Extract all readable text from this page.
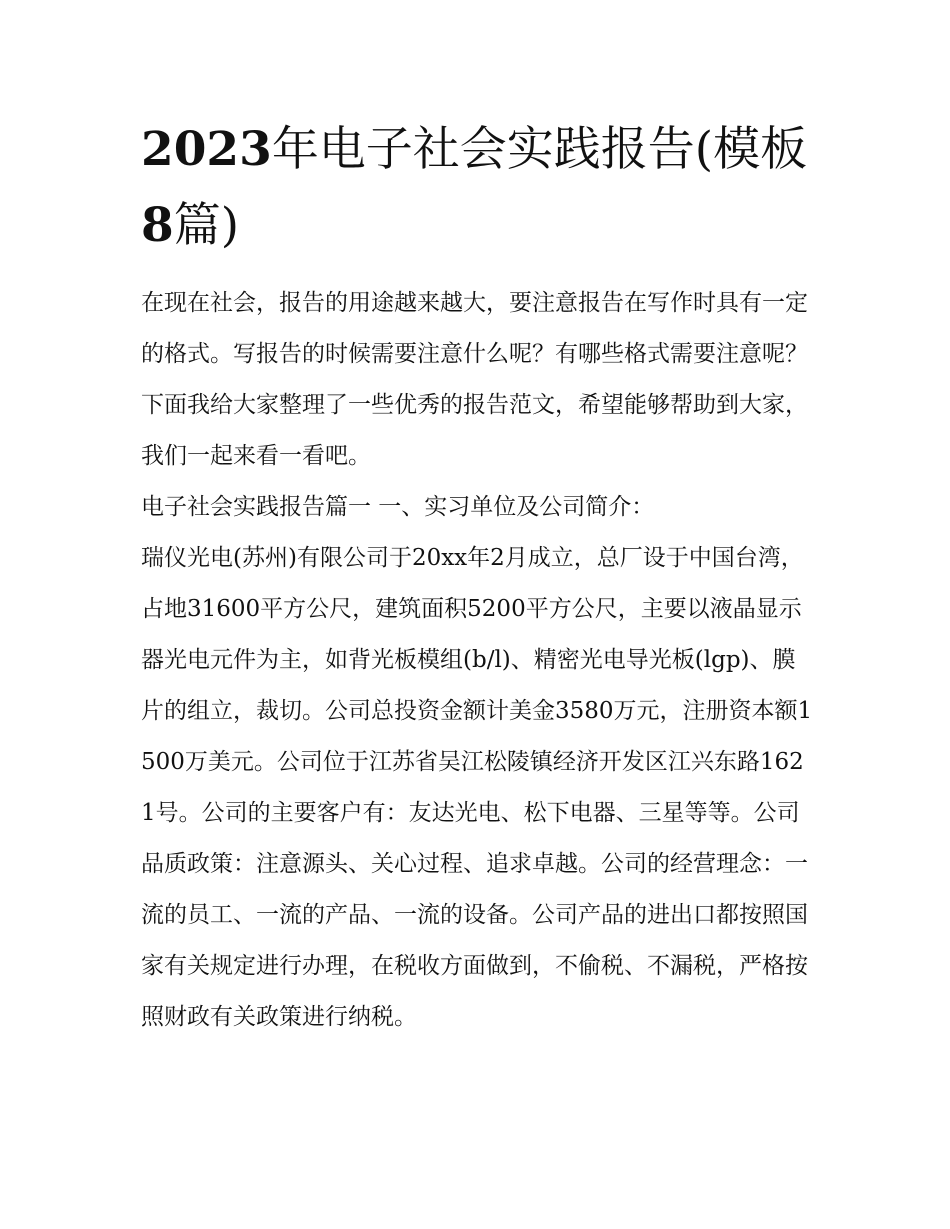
2023年电子社会实践报告(模板8篇)

在现在社会，报告的用途越来越大，要注意报告在写作时具有一定的格式。写报告的时候需要注意什么呢？有哪些格式需要注意呢？下面我给大家整理了一些优秀的报告范文，希望能够帮助到大家，我们一起来看一看吧。

电子社会实践报告篇一 一、实习单位及公司简介：

瑞仪光电(苏州)有限公司于20xx年2月成立，总厂设于中国台湾，占地31600平方公尺，建筑面积5200平方公尺，主要以液晶显示器光电元件为主，如背光板模组(b/l)、精密光电导光板(lgp)、膜片的组立，裁切。公司总投资金额计美金3580万元，注册资本额1500万美元。公司位于江苏省吴江松陵镇经济开发区江兴东路1621号。公司的主要客户有：友达光电、松下电器、三星等等。公司品质政策：注意源头、关心过程、追求卓越。公司的经营理念：一流的员工、一流的产品、一流的设备。公司产品的进出口都按照国家有关规定进行办理，在税收方面做到，不偷税、不漏税，严格按照财政有关政策进行纳税。
